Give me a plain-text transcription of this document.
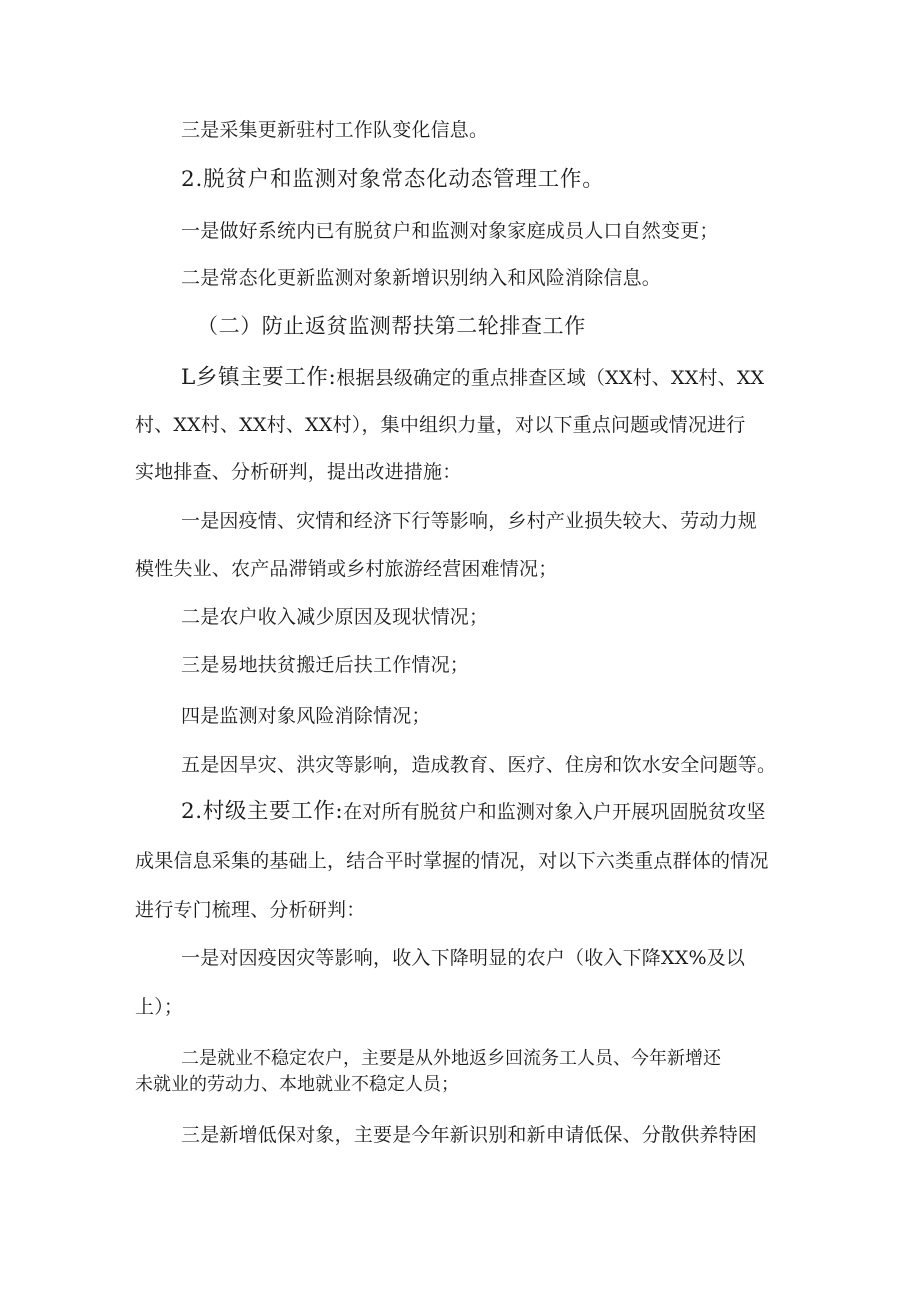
三是采集更新驻村工作队变化信息。
2.脱贫户和监测对象常态化动态管理工作。
一是做好系统内已有脱贫户和监测对象家庭成员人口自然变更；
二是常态化更新监测对象新增识别纳入和风险消除信息。
（二）防止返贫监测帮扶第二轮排查工作
L乡镇主要工作:根据县级确定的重点排查区域（XX村、XX村、XX
村、XX村、XX村、XX村），集中组织力量，对以下重点问题或情况进行
实地排查、分析研判，提出改进措施：
一是因疫情、灾情和经济下行等影响，乡村产业损失较大、劳动力规
模性失业、农产品滞销或乡村旅游经营困难情况；
二是农户收入减少原因及现状情况；
三是易地扶贫搬迁后扶工作情况；
四是监测对象风险消除情况；
五是因旱灾、洪灾等影响，造成教育、医疗、住房和饮水安全问题等。
2.村级主要工作:在对所有脱贫户和监测对象入户开展巩固脱贫攻坚
成果信息采集的基础上，结合平时掌握的情况，对以下六类重点群体的情况
进行专门梳理、分析研判：
一是对因疫因灾等影响，收入下降明显的农户（收入下降XX%及以
上）；
二是就业不稳定农户，主要是从外地返乡回流务工人员、今年新增还
未就业的劳动力、本地就业不稳定人员；
三是新增低保对象，主要是今年新识别和新申请低保、分散供养特困
